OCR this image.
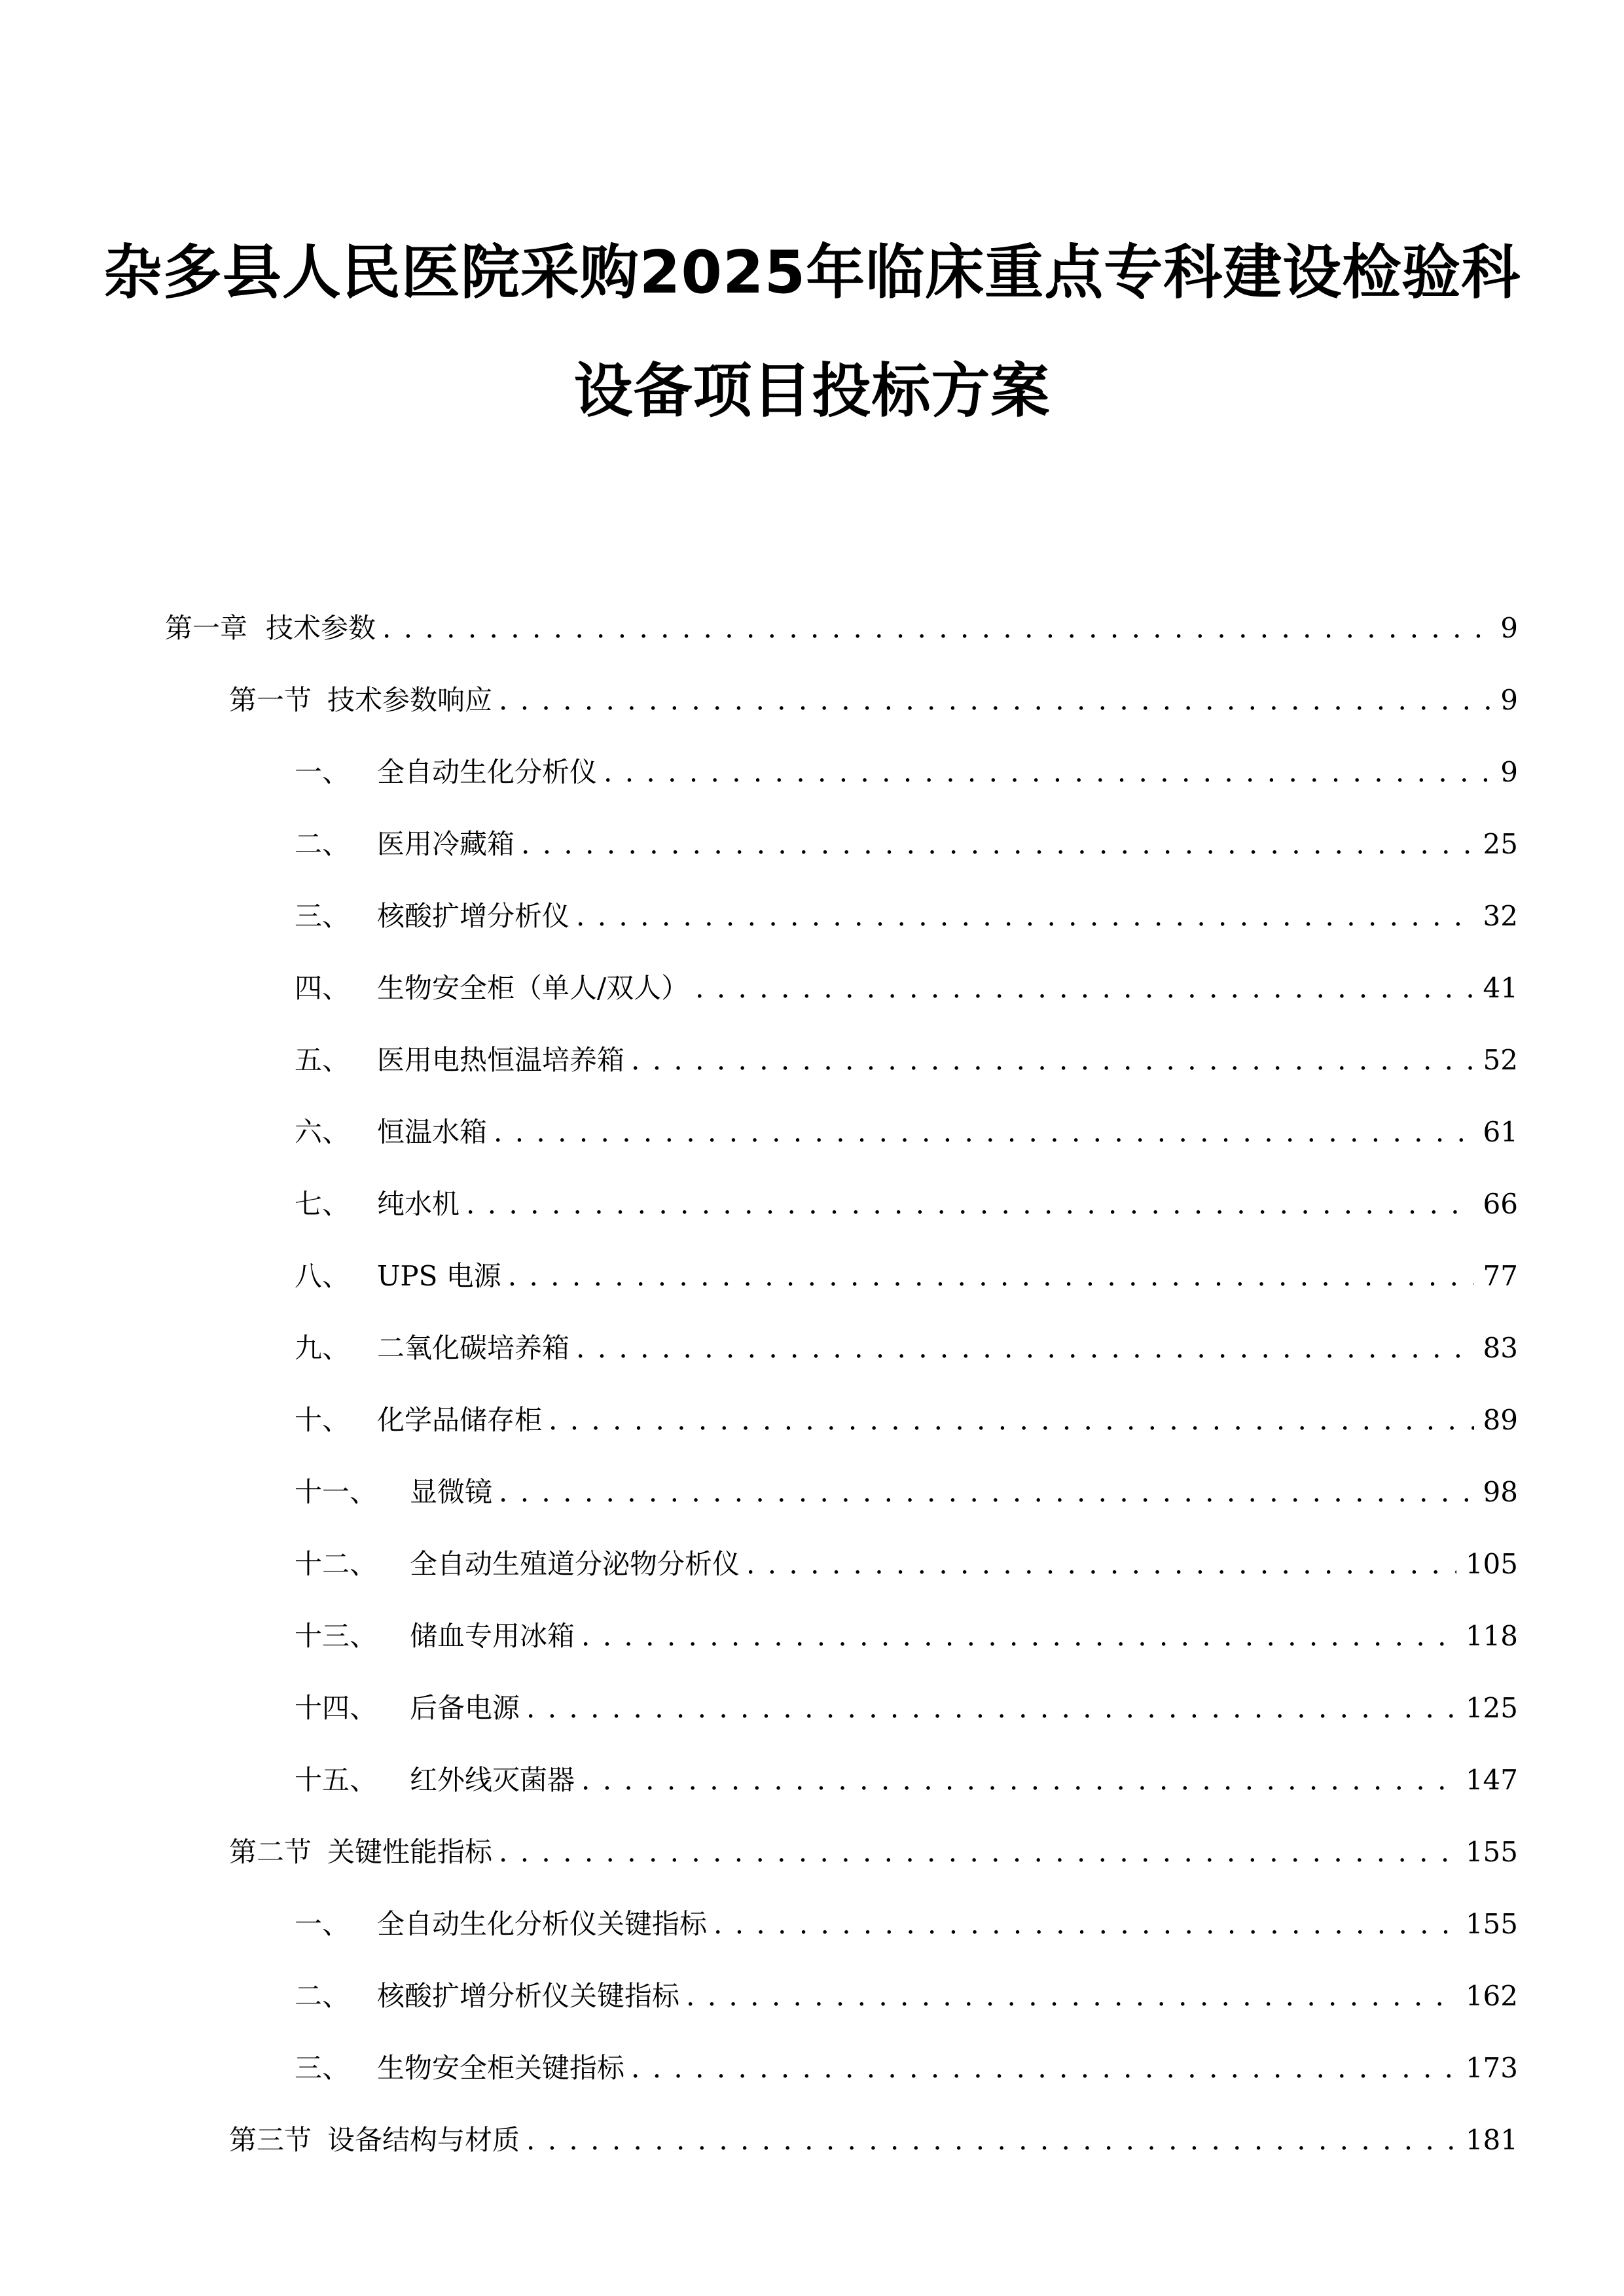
杂多县人民医院采购2025年临床重点专科建设检验科
设备项目投标方案
第一章 技术参数 . . .	9
第一节 技术参数响应 . . .	9
一、 全自动生化分析仪 . . .	9
二、 医用冷藏箱 . . .	25
三、 核酸扩增分析仪 . . .	32
四、 生物安全柜（单人/双人） . . .	41
五、 医用电热恒温培养箱 . . .	52
六、 恒温水箱 . . .	61
七、 纯水机 . . .	66
八、 UPS 电源 . . .	77
九、 二氧化碳培养箱 . . .	83
十、 化学品储存柜 . . .	89
十一、	显微镜 . . .	98
十二、	全自动生殖道分泌物分析仪 . . .	105
十三、	储血专用冰箱 . . .	118
十四、	后备电源 . . .	125
十五、	红外线灭菌器 . . .	147
第二节 关键性能指标 . . .	155
一、 全自动生化分析仪关键指标 . . .	155
二、 核酸扩增分析仪关键指标 . . .	162
三、 生物安全柜关键指标 . . .	173
第三节 设备结构与材质 . . .	181
